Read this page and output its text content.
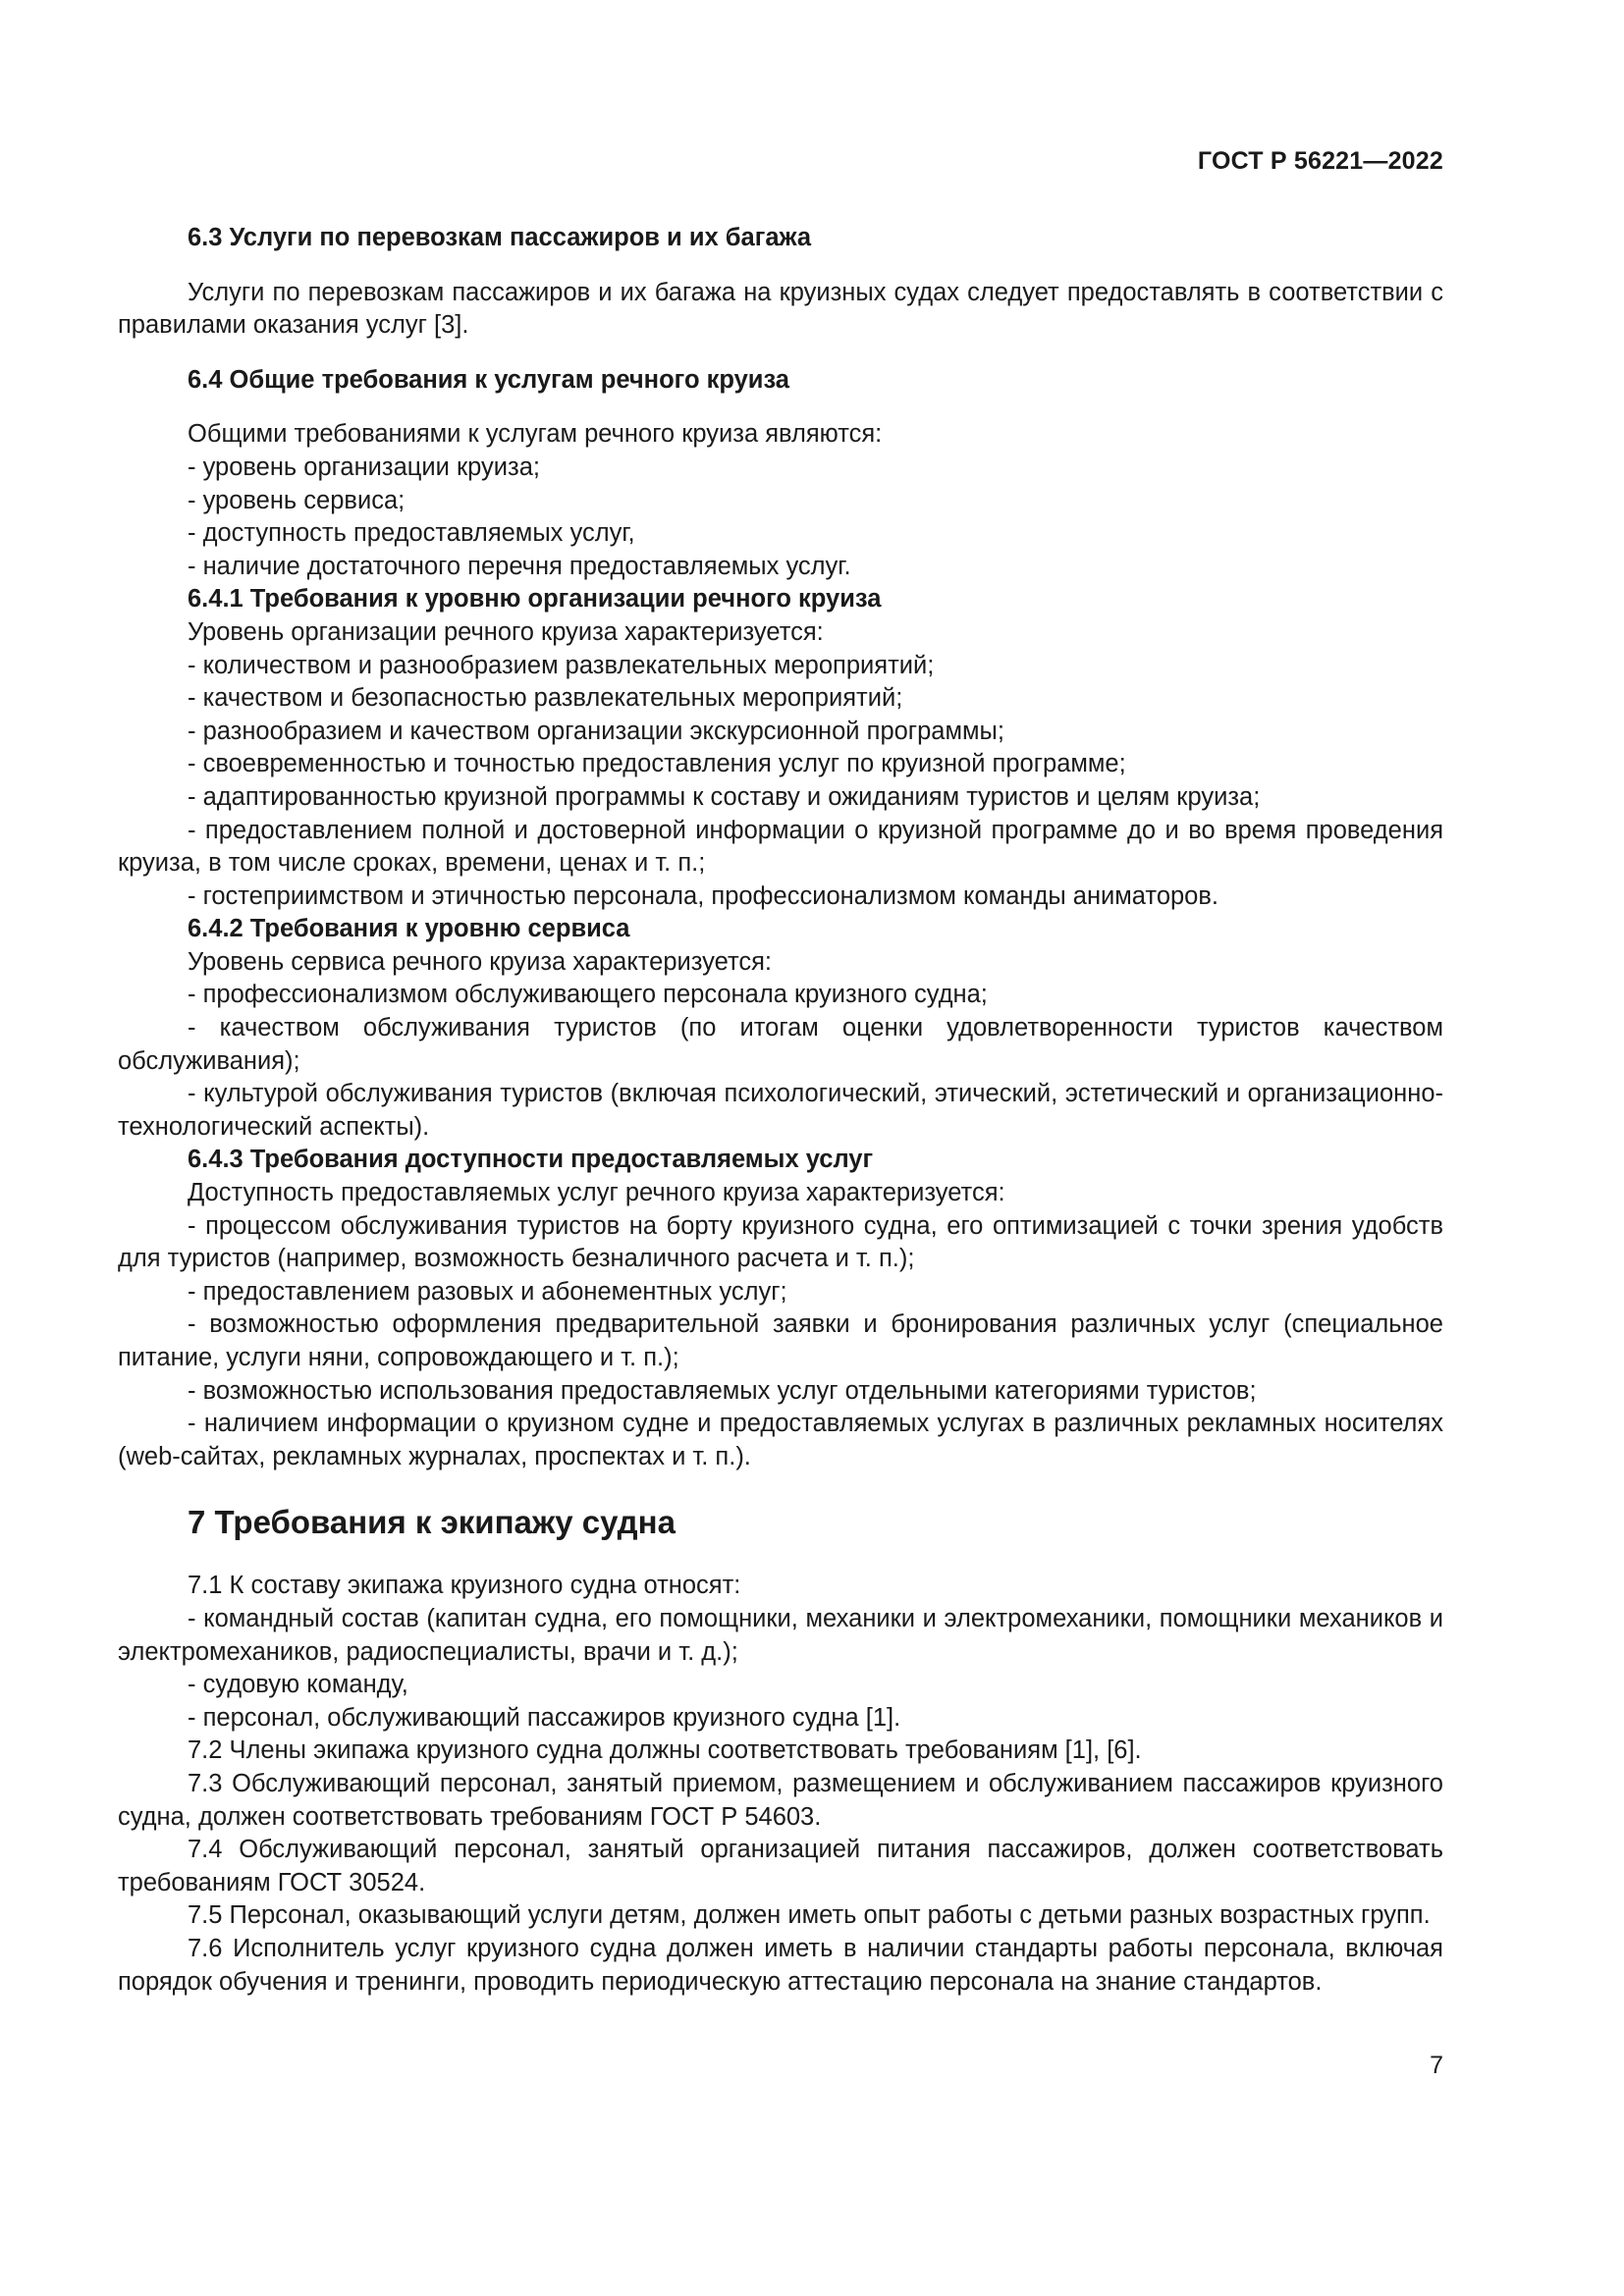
ГОСТ Р 56221—2022

6.3 Услуги по перевозкам пассажиров и их багажа

Услуги по перевозкам пассажиров и их багажа на круизных судах следует предоставлять в соответствии с правилами оказания услуг [3].

6.4 Общие требования к услугам речного круиза

Общими требованиями к услугам речного круиза являются:

- уровень организации круиза;

- уровень сервиса;

- доступность предоставляемых услуг,

- наличие достаточного перечня предоставляемых услуг.

6.4.1 Требования к уровню организации речного круиза

Уровень организации речного круиза характеризуется:

- количеством и разнообразием развлекательных мероприятий;

- качеством и безопасностью развлекательных мероприятий;

- разнообразием и качеством организации экскурсионной программы;

- своевременностью и точностью предоставления услуг по круизной программе;

- адаптированностью круизной программы к составу и ожиданиям туристов и целям круиза;

- предоставлением полной и достоверной информации о круизной программе до и во время проведения круиза, в том числе сроках, времени, ценах и т. п.;

- гостеприимством и этичностью персонала, профессионализмом команды аниматоров.

6.4.2 Требования к уровню сервиса

Уровень сервиса речного круиза характеризуется:

- профессионализмом обслуживающего персонала круизного судна;

- качеством обслуживания туристов (по итогам оценки удовлетворенности туристов качеством обслуживания);

- культурой обслуживания туристов (включая психологический, этический, эстетический и организационно-технологический аспекты).

6.4.3 Требования доступности предоставляемых услуг

Доступность предоставляемых услуг речного круиза характеризуется:

- процессом обслуживания туристов на борту круизного судна, его оптимизацией с точки зрения удобств для туристов (например, возможность безналичного расчета и т. п.);

- предоставлением разовых и абонементных услуг;

- возможностью оформления предварительной заявки и бронирования различных услуг (специальное питание, услуги няни, сопровождающего и т. п.);

- возможностью использования предоставляемых услуг отдельными категориями туристов;

- наличием информации о круизном судне и предоставляемых услугах в различных рекламных носителях (web-сайтах, рекламных журналах, проспектах и т. п.).

7 Требования к экипажу судна

7.1 К составу экипажа круизного судна относят:

- командный состав (капитан судна, его помощники, механики и электромеханики, помощники механиков и электромехаников, радиоспециалисты, врачи и т. д.);

- судовую команду,

- персонал, обслуживающий пассажиров круизного судна [1].

7.2 Члены экипажа круизного судна должны соответствовать требованиям [1], [6].

7.3 Обслуживающий персонал, занятый приемом, размещением и обслуживанием пассажиров круизного судна, должен соответствовать требованиям ГОСТ Р 54603.

7.4 Обслуживающий персонал, занятый организацией питания пассажиров, должен соответствовать требованиям ГОСТ 30524.

7.5 Персонал, оказывающий услуги детям, должен иметь опыт работы с детьми разных возрастных групп.

7.6 Исполнитель услуг круизного судна должен иметь в наличии стандарты работы персонала, включая порядок обучения и тренинги, проводить периодическую аттестацию персонала на знание стандартов.

7
